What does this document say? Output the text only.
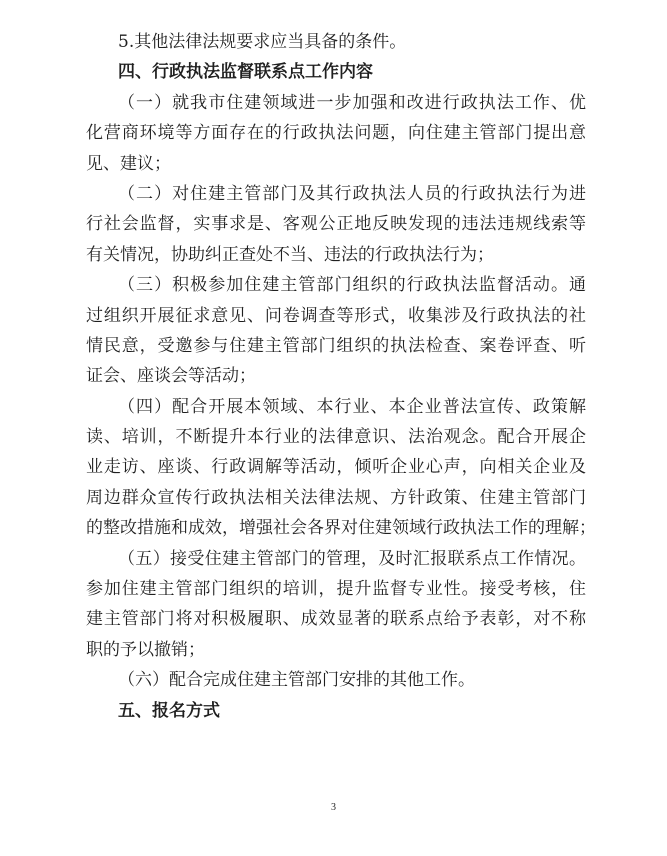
5.其他法律法规要求应当具备的条件。
四、行政执法监督联系点工作内容
（一）就我市住建领域进一步加强和改进行政执法工作、优
化营商环境等方面存在的行政执法问题，向住建主管部门提出意
见、建议；
（二）对住建主管部门及其行政执法人员的行政执法行为进
行社会监督，实事求是、客观公正地反映发现的违法违规线索等
有关情况，协助纠正查处不当、违法的行政执法行为；
（三）积极参加住建主管部门组织的行政执法监督活动。通
过组织开展征求意见、问卷调查等形式，收集涉及行政执法的社
情民意，受邀参与住建主管部门组织的执法检查、案卷评查、听
证会、座谈会等活动；
（四）配合开展本领域、本行业、本企业普法宣传、政策解
读、培训，不断提升本行业的法律意识、法治观念。配合开展企
业走访、座谈、行政调解等活动，倾听企业心声，向相关企业及
周边群众宣传行政执法相关法律法规、方针政策、住建主管部门
的整改措施和成效，增强社会各界对住建领域行政执法工作的理解；
（五）接受住建主管部门的管理，及时汇报联系点工作情况。
参加住建主管部门组织的培训，提升监督专业性。接受考核，住
建主管部门将对积极履职、成效显著的联系点给予表彰，对不称
职的予以撤销；
（六）配合完成住建主管部门安排的其他工作。
五、报名方式
3
